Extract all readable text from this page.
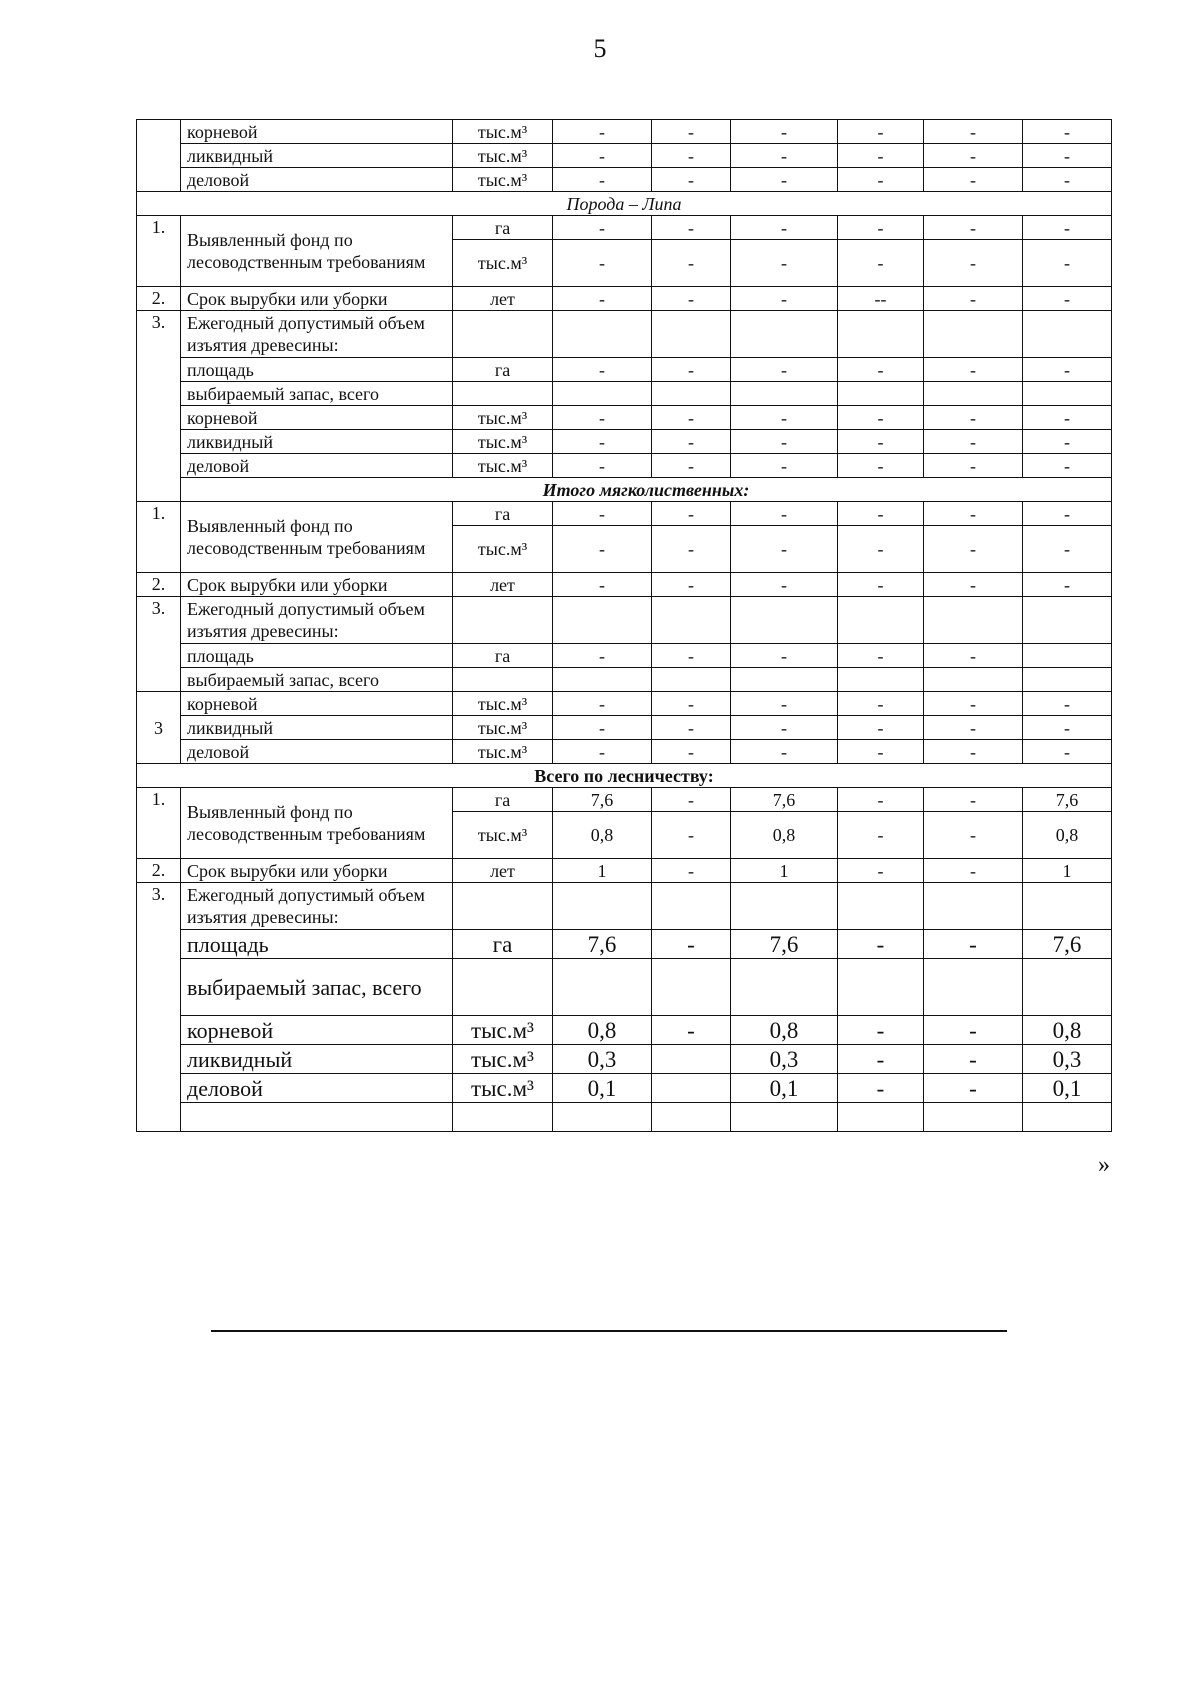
5
	корневой	тыс.м³	-	-	-	-	-	-
	ликвидный	тыс.м³	-	-	-	-	-	-
	деловой	тыс.м³	-	-	-	-	-	-
Порода – Липа								
1.	Выявленный фонд по лесоводственным требованиям	га	-	-	-	-	-	-
		тыс.м³	-	-	-	-	-	-
2.	Срок вырубки или уборки	лет	-	-	-	--	-	-
3.	Ежегодный допустимый объем изъятия древесины:							
	площадь	га	-	-	-	-	-	-
	выбираемый запас, всего							
	корневой	тыс.м³	-	-	-	-	-	-
	ликвидный	тыс.м³	-	-	-	-	-	-
	деловой	тыс.м³	-	-	-	-	-	-
	Итого мягколиственных:							
1.	Выявленный фонд по лесоводственным требованиям	га	-	-	-	-	-	-
		тыс.м³	-	-	-	-	-	-
2.	Срок вырубки или уборки	лет	-	-	-	-	-	-
3.	Ежегодный допустимый объем изъятия древесины:							
	площадь	га	-	-	-	-	-	
	выбираемый запас, всего							
3	корневой	тыс.м³	-	-	-	-	-	-
	ликвидный	тыс.м³	-	-	-	-	-	-
	деловой	тыс.м³	-	-	-	-	-	-
Всего по лесничеству:								
1.	Выявленный фонд по лесоводственным требованиям	га	7,6	-	7,6	-	-	7,6
		тыс.м³	0,8	-	0,8	-	-	0,8
2.	Срок вырубки или уборки	лет	1	-	1	-	-	1
3.	Ежегодный допустимый объем изъятия древесины:							
	площадь	га	7,6	-	7,6	-	-	7,6
	выбираемый запас, всего							
	корневой	тыс.м³	0,8	-	0,8	-	-	0,8
	ликвидный	тыс.м³	0,3		0,3	-	-	0,3
	деловой	тыс.м³	0,1		0,1	-	-	0,1

»
